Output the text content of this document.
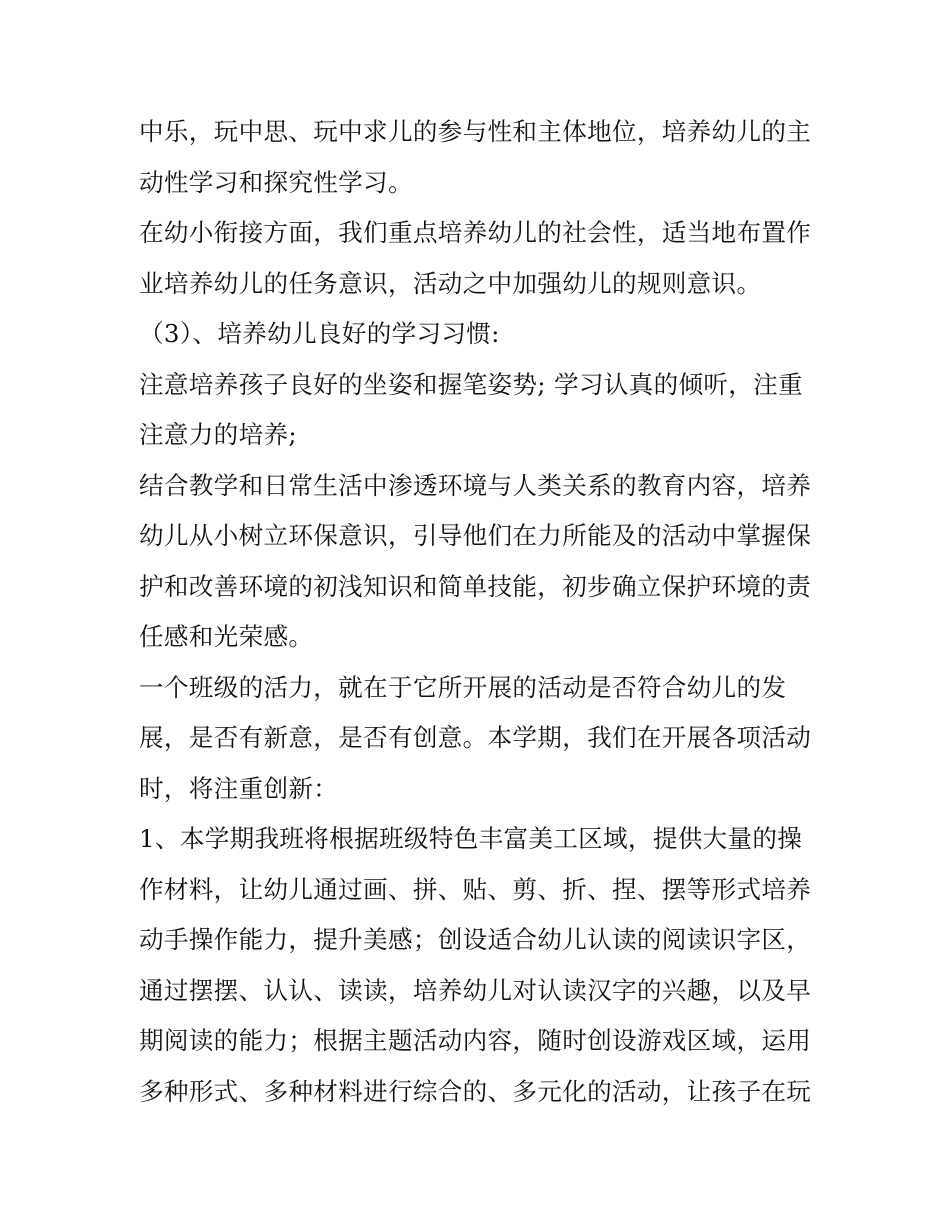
中乐，玩中思、玩中求儿的参与性和主体地位，培养幼儿的主
动性学习和探究性学习。
在幼小衔接方面，我们重点培养幼儿的社会性，适当地布置作
业培养幼儿的任务意识，活动之中加强幼儿的规则意识。
（3）、培养幼儿良好的学习习惯:
注意培养孩子良好的坐姿和握笔姿势; 学习认真的倾听，注重
注意力的培养;
结合教学和日常生活中渗透环境与人类关系的教育内容，培养
幼儿从小树立环保意识，引导他们在力所能及的活动中掌握保
护和改善环境的初浅知识和简单技能，初步确立保护环境的责
任感和光荣感。
一个班级的活力，就在于它所开展的活动是否符合幼儿的发
展，是否有新意，是否有创意。本学期，我们在开展各项活动
时，将注重创新：
1、本学期我班将根据班级特色丰富美工区域，提供大量的操
作材料，让幼儿通过画、拼、贴、剪、折、捏、摆等形式培养
动手操作能力，提升美感；创设适合幼儿认读的阅读识字区，
通过摆摆、认认、读读，培养幼儿对认读汉字的兴趣，以及早
期阅读的能力；根据主题活动内容，随时创设游戏区域，运用
多种形式、多种材料进行综合的、多元化的活动，让孩子在玩
